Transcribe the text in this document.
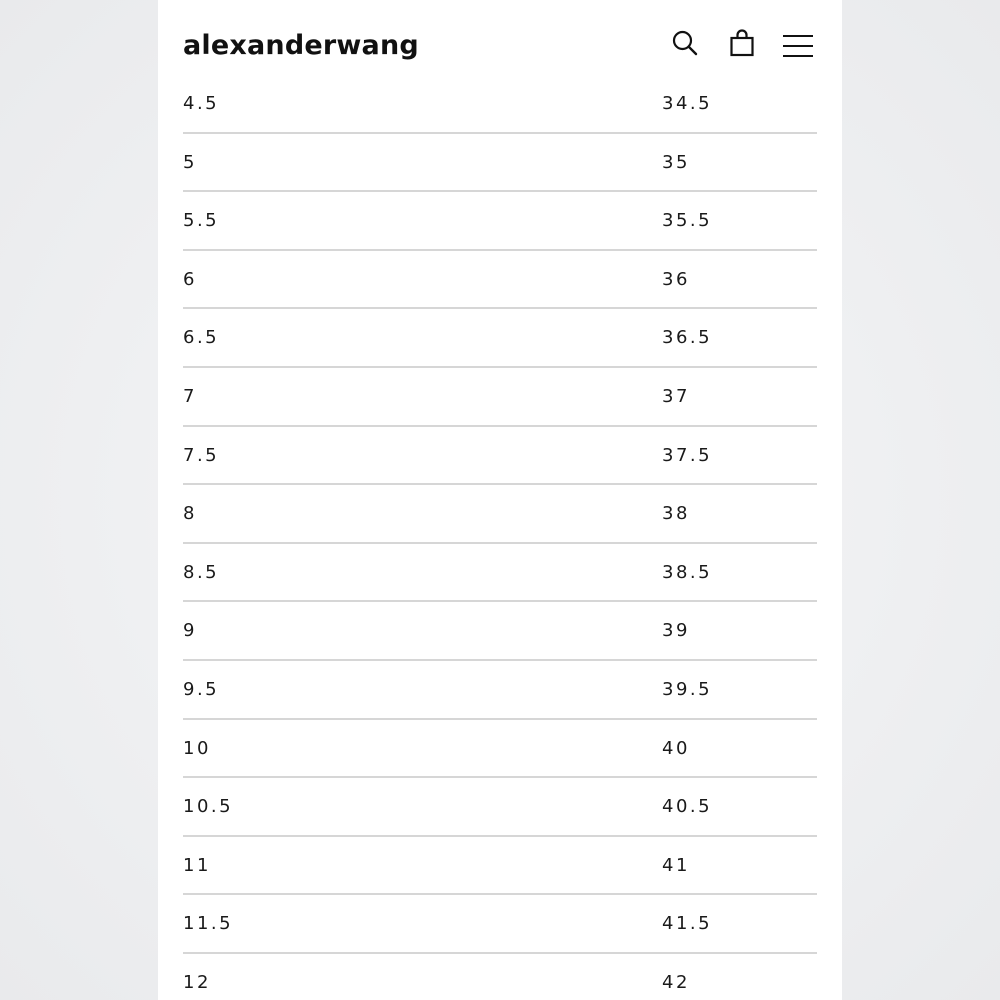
alexanderwang
4.5	34.5
5	35
5.5	35.5
6	36
6.5	36.5
7	37
7.5	37.5
8	38
8.5	38.5
9	39
9.5	39.5
10	40
10.5	40.5
11	41
11.5	41.5
12	42
